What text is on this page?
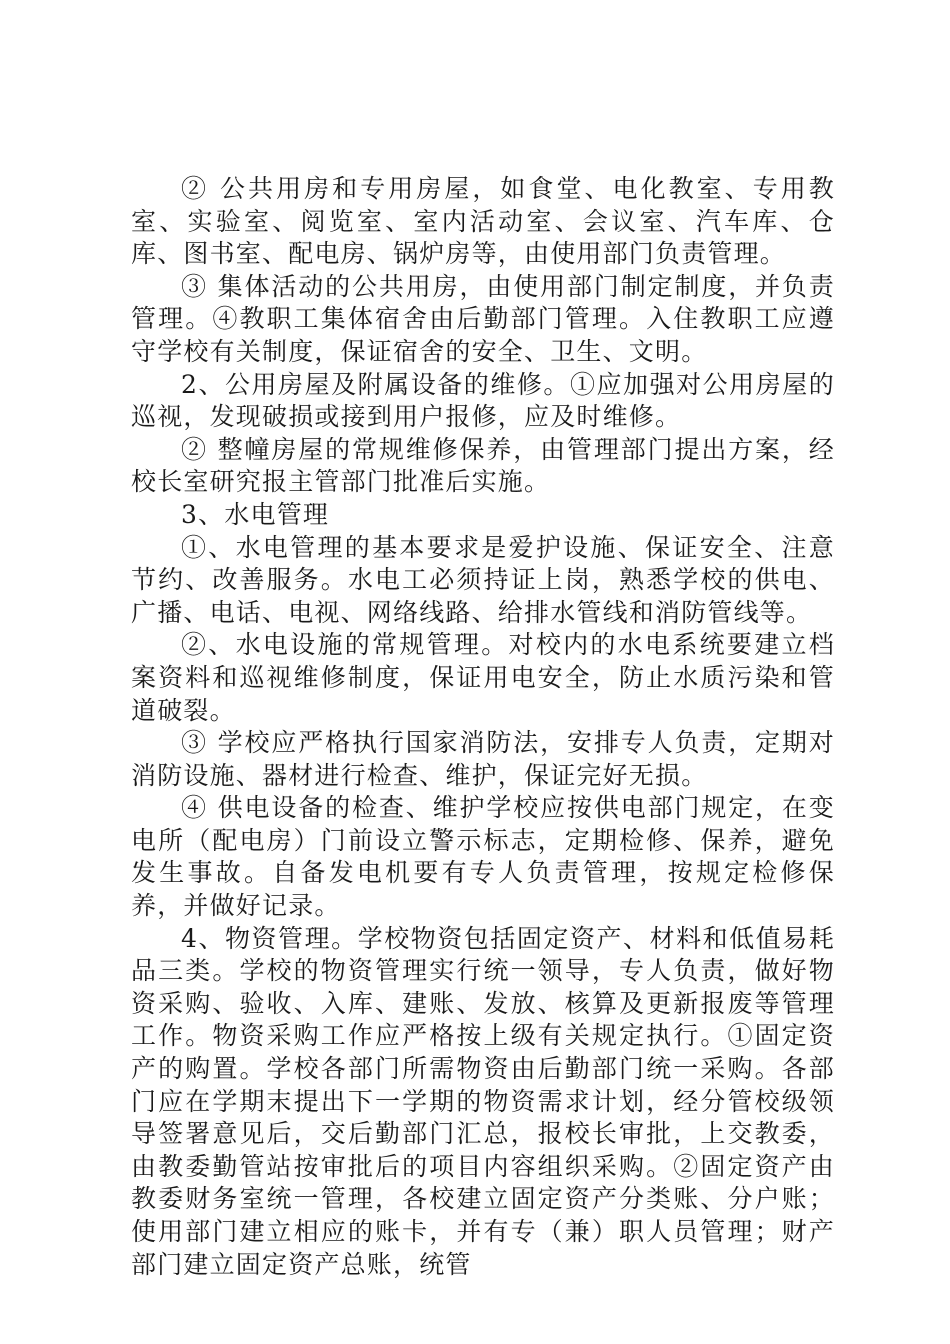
② 公共用房和专用房屋，如食堂、电化教室、专用教室、实验室、阅览室、室内活动室、会议室、汽车库、仓库、图书室、配电房、锅炉房等，由使用部门负责管理。

③ 集体活动的公共用房，由使用部门制定制度，并负责管理。④教职工集体宿舍由后勤部门管理。入住教职工应遵守学校有关制度，保证宿舍的安全、卫生、文明。

2、公用房屋及附属设备的维修。①应加强对公用房屋的巡视，发现破损或接到用户报修，应及时维修。

② 整幢房屋的常规维修保养，由管理部门提出方案，经校长室研究报主管部门批准后实施。

3、水电管理

①、水电管理的基本要求是爱护设施、保证安全、注意节约、改善服务。水电工必须持证上岗，熟悉学校的供电、广播、电话、电视、网络线路、给排水管线和消防管线等。

②、水电设施的常规管理。对校内的水电系统要建立档案资料和巡视维修制度，保证用电安全，防止水质污染和管道破裂。

③ 学校应严格执行国家消防法，安排专人负责，定期对消防设施、器材进行检查、维护，保证完好无损。

④ 供电设备的检查、维护学校应按供电部门规定，在变电所（配电房）门前设立警示标志，定期检修、保养，避免发生事故。自备发电机要有专人负责管理，按规定检修保养，并做好记录。

4、物资管理。学校物资包括固定资产、材料和低值易耗品三类。学校的物资管理实行统一领导，专人负责，做好物资采购、验收、入库、建账、发放、核算及更新报废等管理工作。物资采购工作应严格按上级有关规定执行。①固定资产的购置。学校各部门所需物资由后勤部门统一采购。各部门应在学期末提出下一学期的物资需求计划，经分管校级领导签署意见后，交后勤部门汇总，报校长审批，上交教委，由教委勤管站按审批后的项目内容组织采购。②固定资产由教委财务室统一管理，各校建立固定资产分类账、分户账；使用部门建立相应的账卡，并有专（兼）职人员管理；财产部门建立固定资产总账，统管
